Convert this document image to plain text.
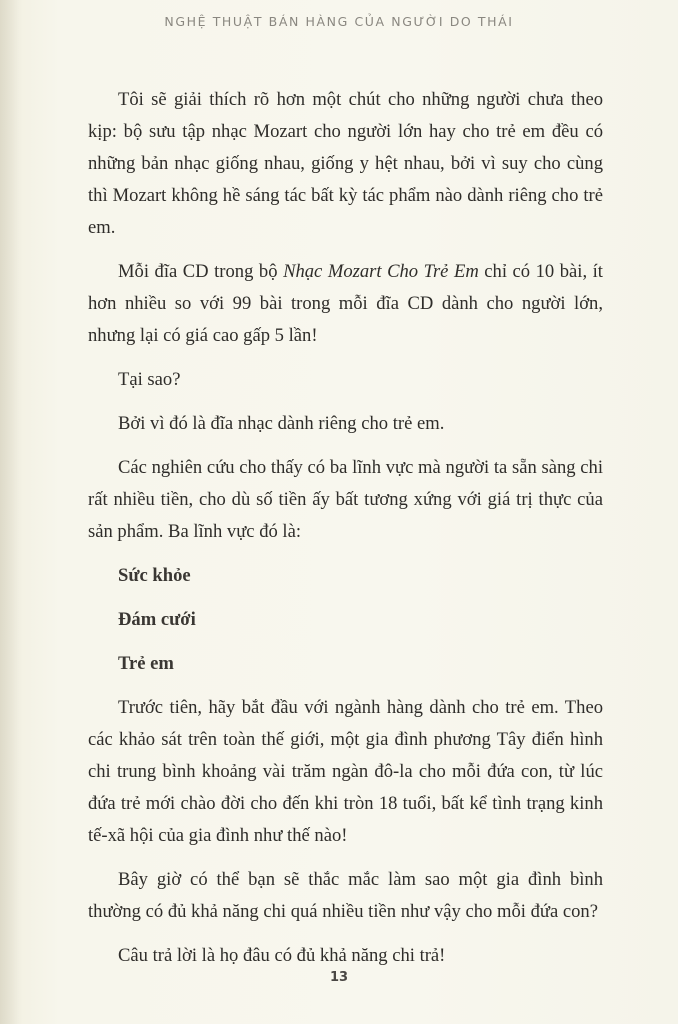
NGHỆ THUẬT BÁN HÀNG CỦA NGƯỜI DO THÁI

Tôi sẽ giải thích rõ hơn một chút cho những người chưa theo kịp: bộ sưu tập nhạc Mozart cho người lớn hay cho trẻ em đều có những bản nhạc giống nhau, giống y hệt nhau, bởi vì suy cho cùng thì Mozart không hề sáng tác bất kỳ tác phẩm nào dành riêng cho trẻ em.

Mỗi đĩa CD trong bộ Nhạc Mozart Cho Trẻ Em chỉ có 10 bài, ít hơn nhiều so với 99 bài trong mỗi đĩa CD dành cho người lớn, nhưng lại có giá cao gấp 5 lần!

Tại sao?

Bởi vì đó là đĩa nhạc dành riêng cho trẻ em.

Các nghiên cứu cho thấy có ba lĩnh vực mà người ta sẵn sàng chi rất nhiều tiền, cho dù số tiền ấy bất tương xứng với giá trị thực của sản phẩm. Ba lĩnh vực đó là:

Sức khỏe

Đám cưới

Trẻ em

Trước tiên, hãy bắt đầu với ngành hàng dành cho trẻ em. Theo các khảo sát trên toàn thế giới, một gia đình phương Tây điển hình chi trung bình khoảng vài trăm ngàn đô-la cho mỗi đứa con, từ lúc đứa trẻ mới chào đời cho đến khi tròn 18 tuổi, bất kể tình trạng kinh tế-xã hội của gia đình như thế nào!

Bây giờ có thể bạn sẽ thắc mắc làm sao một gia đình bình thường có đủ khả năng chi quá nhiều tiền như vậy cho mỗi đứa con?

Câu trả lời là họ đâu có đủ khả năng chi trả!

13
